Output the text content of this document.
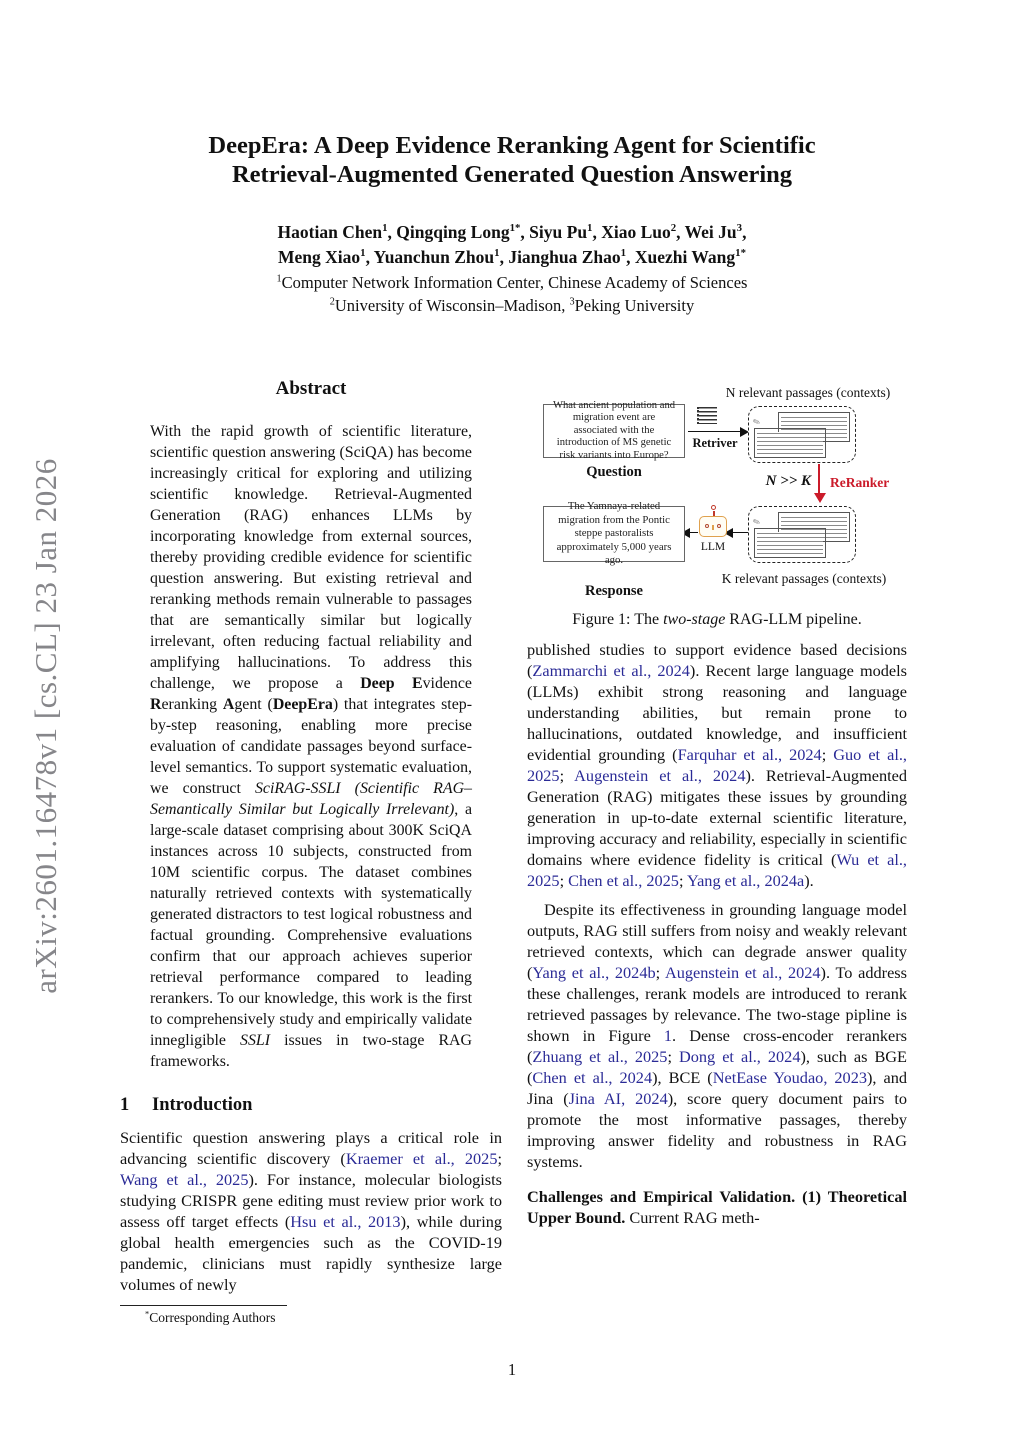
arXiv:2601.16478v1 [cs.CL] 23 Jan 2026
DeepEra: A Deep Evidence Reranking Agent for Scientific
Retrieval-Augmented Generated Question Answering
Haotian Chen$^1$, Qingqing Long$^{1*}$, Siyu Pu$^1$, Xiao Luo$^2$, Wei Ju$^3$,
Meng Xiao$^1$, Yuanchun Zhou$^1$, Jianghua Zhao$^1$, Xuezhi Wang$^{1*}$
$^1$Computer Network Information Center, Chinese Academy of Sciences
$^2$University of Wisconsin–Madison, $^3$Peking University
Abstract

With the rapid growth of scientific literature, scientific question answering (SciQA) has become increasingly critical for exploring and utilizing scientific knowledge. Retrieval-Augmented Generation (RAG) enhances LLMs by incorporating knowledge from external sources, thereby providing credible evidence for scientific question answering. But existing retrieval and reranking methods remain vulnerable to passages that are semantically similar but logically irrelevant, often reducing factual reliability and amplifying hallucinations. To address this challenge, we propose a Deep Evidence Reranking Agent (DeepEra) that integrates step-by-step reasoning, enabling more precise evaluation of candidate passages beyond surface-level semantics. To support systematic evaluation, we construct SciRAG-SSLI (Scientific RAG–Semantically Similar but Logically Irrelevant), a large-scale dataset comprising about 300K SciQA instances across 10 subjects, constructed from 10M scientific corpus. The dataset combines naturally retrieved contexts with systematically generated distractors to test logical robustness and factual grounding. Comprehensive evaluations confirm that our approach achieves superior retrieval performance compared to leading rerankers. To our knowledge, this work is the first to comprehensively study and empirically validate innegligible SSLI issues in two-stage RAG frameworks.

1 Introduction

Scientific question answering plays a critical role in advancing scientific discovery (Kraemer et al., 2025; Wang et al., 2025). For instance, molecular biologists studying CRISPR gene editing must review prior work to assess off target effects (Hsu et al., 2013), while during global health emergencies such as the COVID-19 pandemic, clinicians must rapidly synthesize large volumes of newly

N relevant passages (contexts)
What ancient population and migration event are associated with the introduction of MS genetic risk variants into Europe?
Question
Retriver
✎
N >> K ReRanker
✎
LLM
The Yamnaya-related migration from the Pontic steppe pastoralists approximately 5,000 years ago.
Response
K relevant passages (contexts)

Figure 1: The two-stage RAG-LLM pipeline.

published studies to support evidence based decisions (Zammarchi et al., 2024). Recent large language models (LLMs) exhibit strong reasoning and language understanding abilities, but remain prone to hallucinations, outdated knowledge, and insufficient evidential grounding (Farquhar et al., 2024; Guo et al., 2025; Augenstein et al., 2024). Retrieval-Augmented Generation (RAG) mitigates these issues by grounding generation in up-to-date external scientific literature, improving accuracy and reliability, especially in scientific domains where evidence fidelity is critical (Wu et al., 2025; Chen et al., 2025; Yang et al., 2024a).

Despite its effectiveness in grounding language model outputs, RAG still suffers from noisy and weakly relevant retrieved contexts, which can degrade answer quality (Yang et al., 2024b; Augenstein et al., 2024). To address these challenges, rerank models are introduced to rerank retrieved passages by relevance. The two-stage pipline is shown in Figure 1. Dense cross-encoder rerankers (Zhuang et al., 2025; Dong et al., 2024), such as BGE (Chen et al., 2024), BCE (NetEase Youdao, 2023), and Jina (Jina AI, 2024), score query document pairs to promote the most informative passages, thereby improving answer fidelity and robustness in RAG systems.

Challenges and Empirical Validation. (1) Theoretical Upper Bound. Current RAG meth-

*Corresponding Authors

1
